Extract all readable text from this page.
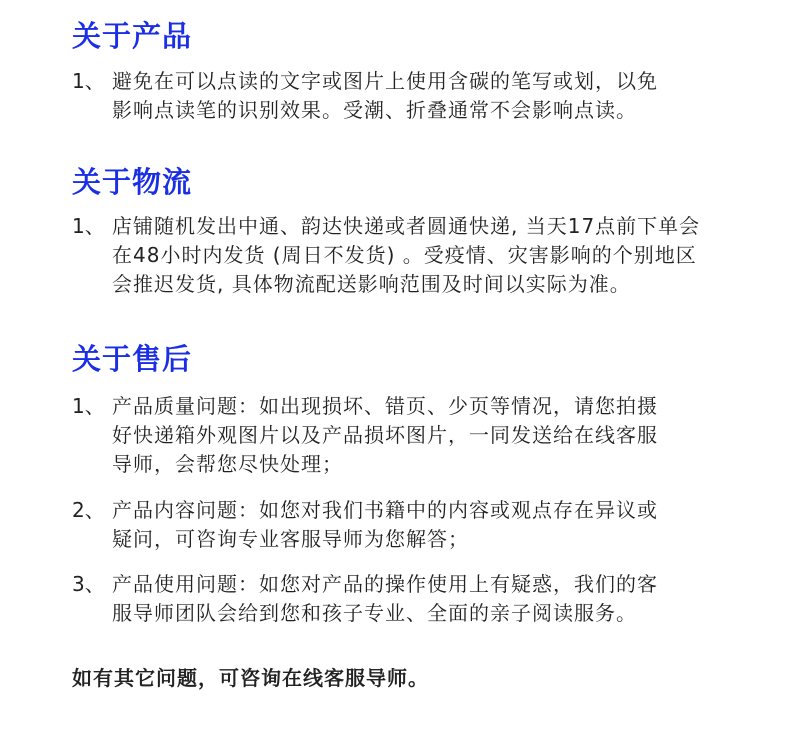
关于产品
1、 避免在可以点读的文字或图片上使用含碳的笔写或划，以免
影响点读笔的识别效果。受潮、折叠通常不会影响点读。
关于物流
1、 店铺随机发出中通、韵达快递或者圆通快递, 当天17点前下单会
在48小时内发货 (周日不发货) 。受疫情、灾害影响的个别地区
会推迟发货, 具体物流配送影响范围及时间以实际为准。
关于售后
1、 产品质量问题：如出现损坏、错页、少页等情况，请您拍摄
好快递箱外观图片以及产品损坏图片，一同发送给在线客服
导师，会帮您尽快处理；
2、 产品内容问题：如您对我们书籍中的内容或观点存在异议或
疑问，可咨询专业客服导师为您解答；
3、 产品使用问题：如您对产品的操作使用上有疑惑，我们的客
服导师团队会给到您和孩子专业、全面的亲子阅读服务。
如有其它问题，可咨询在线客服导师。
